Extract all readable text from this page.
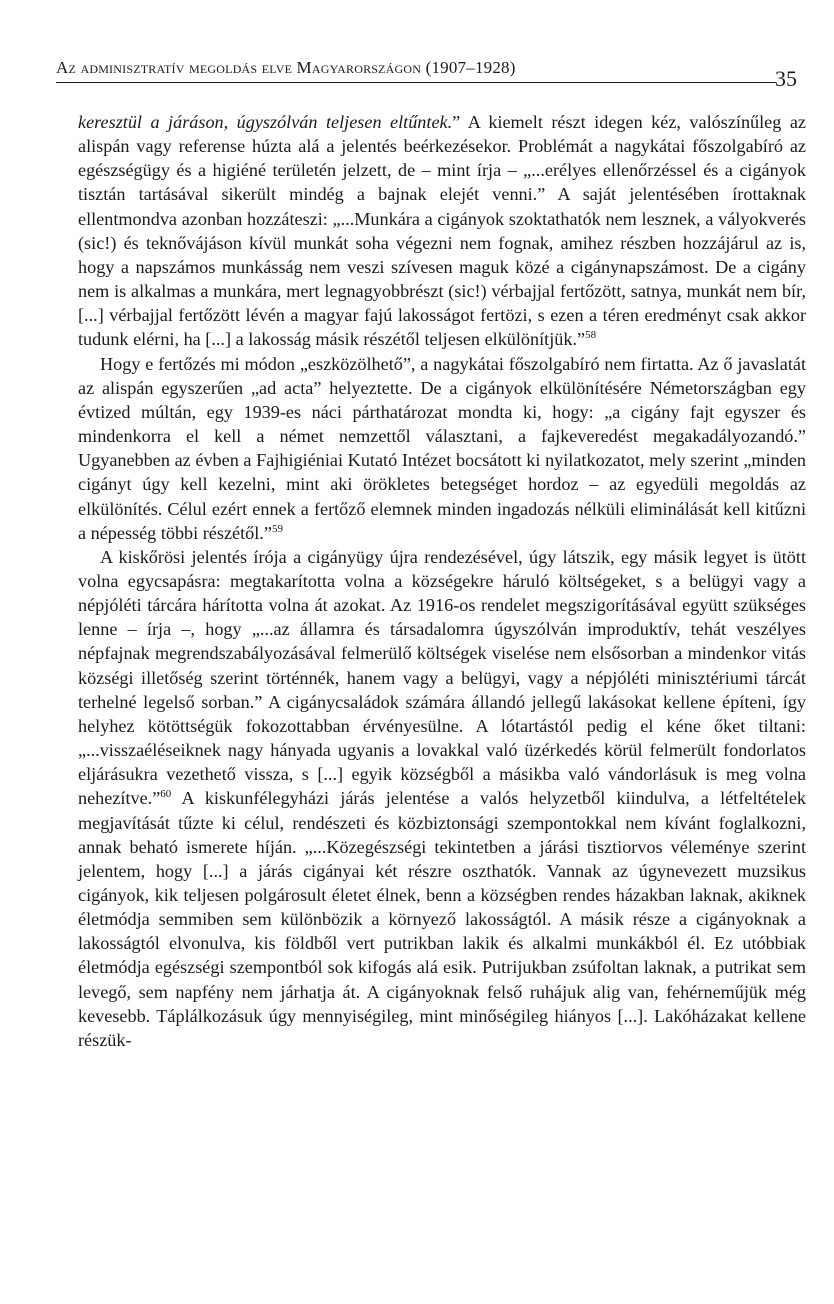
Az adminisztratív megoldás elve Magyarországon (1907–1928)	35

keresztül a járáson, úgyszólván teljesen eltűntek.” A kiemelt részt idegen kéz, valószínűleg az alispán vagy referense húzta alá a jelentés beérkezésekor. Problémát a nagykátai főszolgabíró az egészségügy és a higiéné területén jelzett, de – mint írja – „...erélyes ellenőrzéssel és a cigányok tisztán tartásával sikerült mindég a bajnak elejét venni.” A saját jelentésében írottaknak ellentmondva azonban hozzáteszi: „...Munkára a cigányok szoktathatók nem lesznek, a vályokverés (sic!) és teknővájáson kívül munkát soha végezni nem fognak, amihez részben hozzájárul az is, hogy a napszámos munkásság nem veszi szívesen maguk közé a cigánynapszámost. De a cigány nem is alkalmas a munkára, mert legnagyobbrészt (sic!) vérbajjal fertőzött, satnya, munkát nem bír, [...] vérbajjal fertőzött lévén a magyar fajú lakosságot fertözi, s ezen a téren eredményt csak akkor tudunk elérni, ha [...] a lakosság másik részétől teljesen elkülönítjük.”$^{58}$

Hogy e fertőzés mi módon „eszközölhető”, a nagykátai főszolgabíró nem firtatta. Az ő javaslatát az alispán egyszerűen „ad acta” helyeztette. De a cigányok elkülönítésére Németországban egy évtized múltán, egy 1939-es náci párthatározat mondta ki, hogy: „a cigány fajt egyszer és mindenkorra el kell a német nemzettől választani, a fajkeveredést megakadályozandó.” Ugyanebben az évben a Fajhigiéniai Kutató Intézet bocsátott ki nyilatkozatot, mely szerint „minden cigányt úgy kell kezelni, mint aki örökletes betegséget hordoz – az egyedüli megoldás az elkülönítés. Célul ezért ennek a fertőző elemnek minden ingadozás nélküli eliminálását kell kitűzni a népesség többi részétől.”$^{59}$

A kiskőrösi jelentés írója a cigányügy újra rendezésével, úgy látszik, egy másik legyet is ütött volna egycsapásra: megtakarította volna a községekre háruló költségeket, s a belügyi vagy a népjóléti tárcára hárította volna át azokat. Az 1916-os rendelet megszigorításával együtt szükséges lenne – írja –, hogy „...az államra és társadalomra úgyszólván improduktív, tehát veszélyes népfajnak megrendszabályozásával felmerülő költségek viselése nem elsősorban a mindenkor vitás községi illetőség szerint történnék, hanem vagy a belügyi, vagy a népjóléti minisztériumi tárcát terhelné legelső sorban.” A cigánycsaládok számára állandó jellegű lakásokat kellene építeni, így helyhez kötöttségük fokozottabban érvényesülne. A lótartástól pedig el kéne őket tiltani: „...visszaéléseiknek nagy hányada ugyanis a lovakkal való üzérkedés körül felmerült fondorlatos eljárásukra vezethető vissza, s [...] egyik községből a másikba való vándorlásuk is meg volna nehezítve.”$^{60}$ A kiskunfélegyházi járás jelentése a valós helyzetből kiindulva, a létfeltételek megjavítását tűzte ki célul, rendészeti és közbiztonsági szempontokkal nem kívánt foglalkozni, annak beható ismerete híján. „...Közegészségi tekintetben a járási tisztiorvos véleménye szerint jelentem, hogy [...] a járás cigányai két részre oszthatók. Vannak az úgynevezett muzsikus cigányok, kik teljesen polgárosult életet élnek, benn a községben rendes házakban laknak, akiknek életmódja semmiben sem különbözik a környező lakosságtól. A másik része a cigányoknak a lakosságtól elvonulva, kis földből vert putrikban lakik és alkalmi munkákból él. Ez utóbbiak életmódja egészségi szempontból sok kifogás alá esik. Putrijukban zsúfoltan laknak, a putrikat sem levegő, sem napfény nem járhatja át. A cigányoknak felső ruhájuk alig van, fehérneműjük még kevesebb. Táplálkozásuk úgy mennyiségileg, mint minőségileg hiányos [...]. Lakóházakat kellene részük-
